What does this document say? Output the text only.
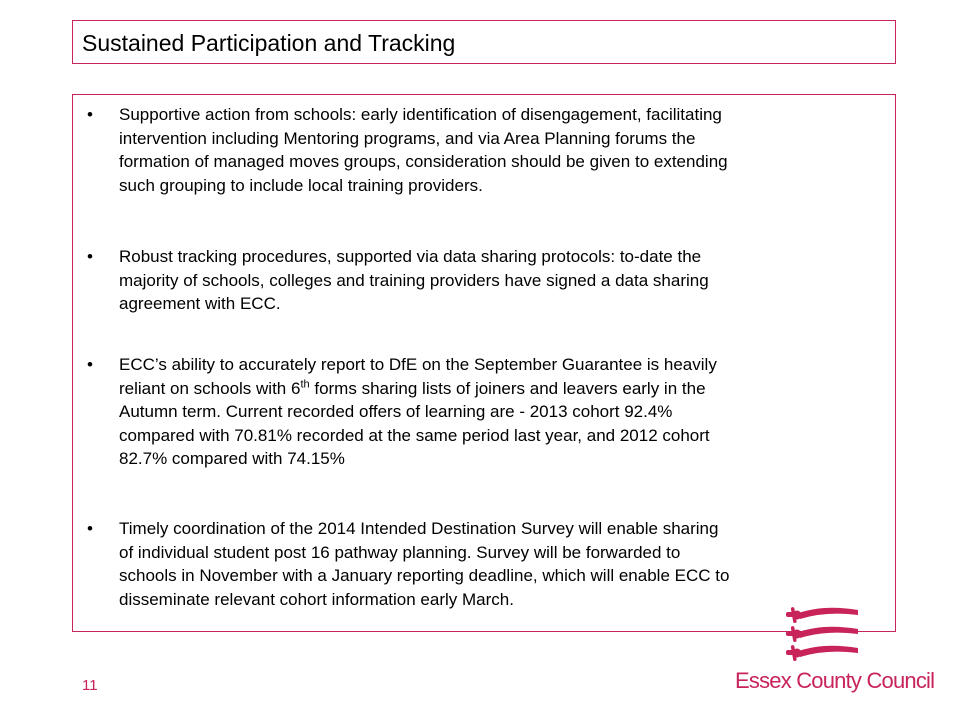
Sustained Participation and Tracking
• Supportive action from schools: early identification of disengagement, facilitating
intervention including Mentoring programs, and via Area Planning forums the
formation of managed moves groups, consideration should be given to extending
such grouping to include local training providers.
• Robust tracking procedures, supported via data sharing protocols: to-date the
majority of schools, colleges and training providers have signed a data sharing
agreement with ECC.
• ECC’s ability to accurately report to DfE on the September Guarantee is heavily
reliant on schools with 6th forms sharing lists of joiners and leavers early in the
Autumn term. Current recorded offers of learning are - 2013 cohort 92.4%
compared with 70.81% recorded at the same period last year, and 2012 cohort
82.7% compared with 74.15%
• Timely coordination of the 2014 Intended Destination Survey will enable sharing
of individual student post 16 pathway planning. Survey will be forwarded to
schools in November with a January reporting deadline, which will enable ECC to
disseminate relevant cohort information early March.
11	Essex County Council
